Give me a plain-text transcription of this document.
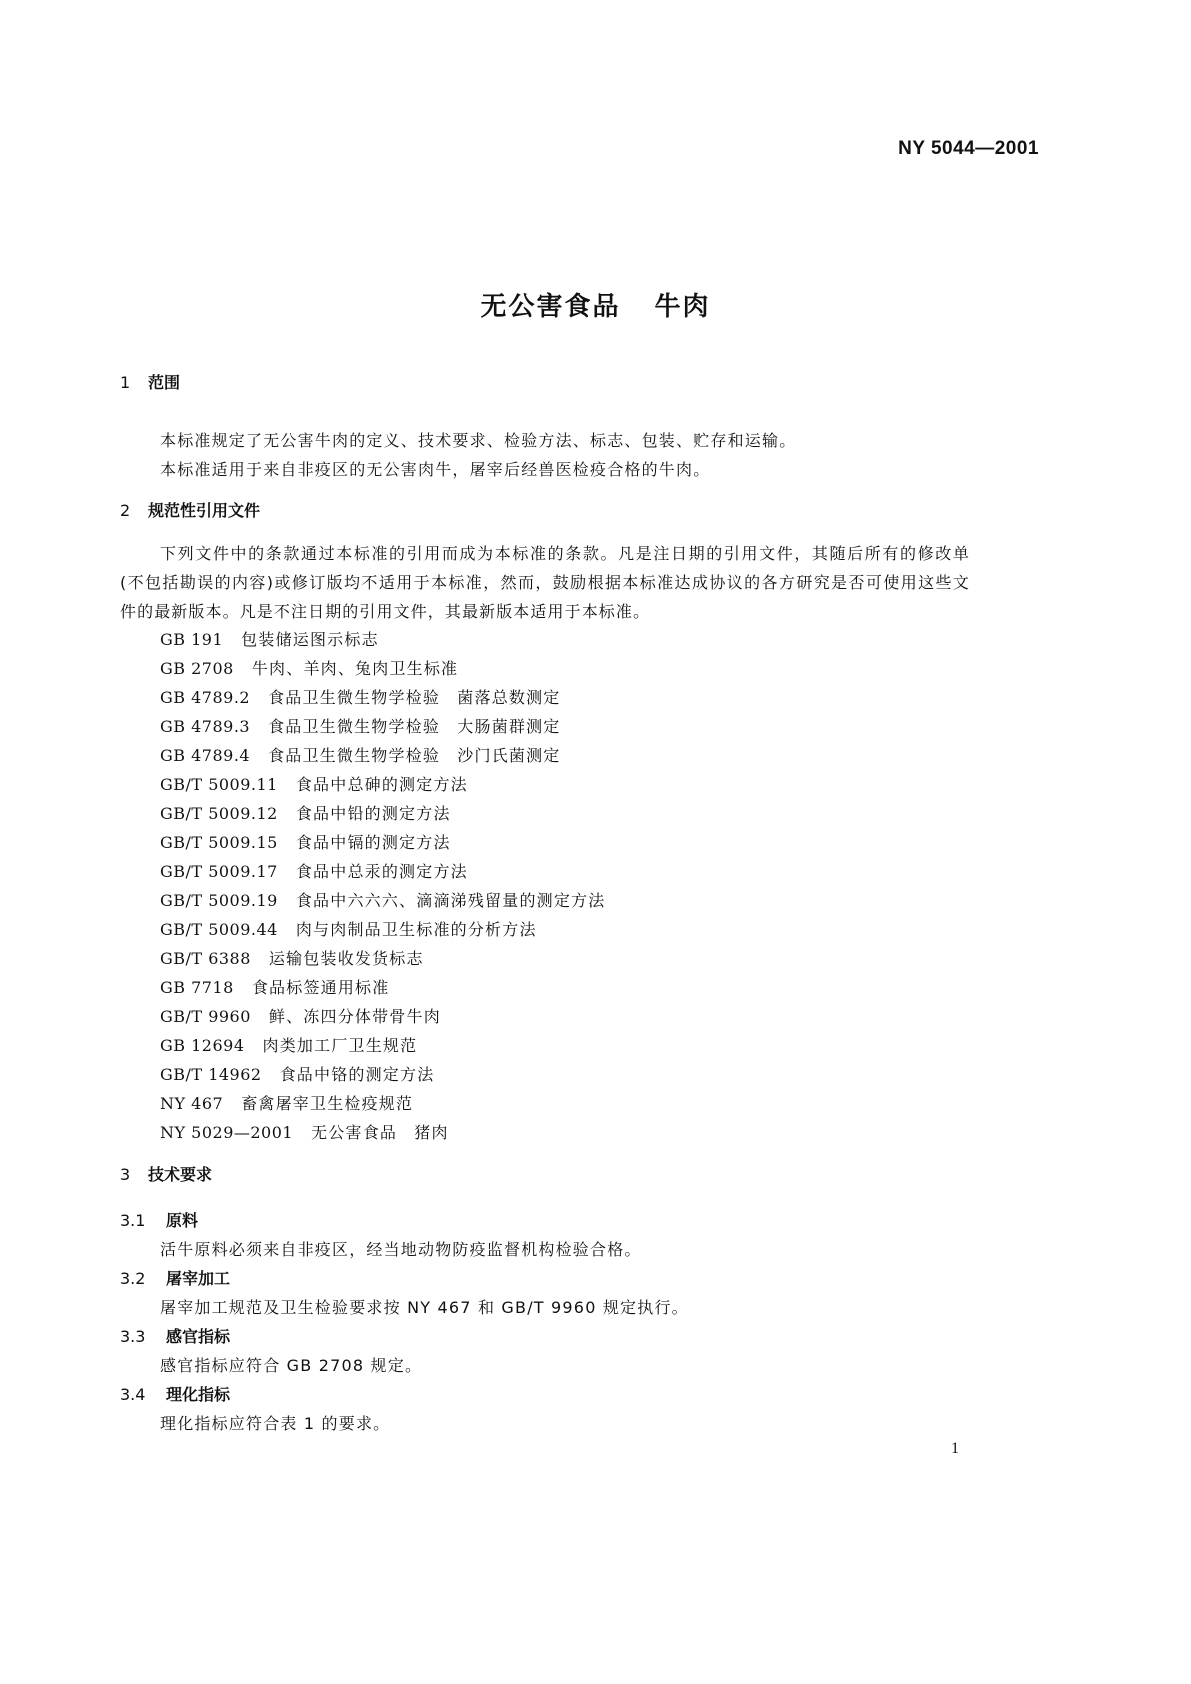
NY 5044—2001
无公害食品 牛肉
1 范围
本标准规定了无公害牛肉的定义、技术要求、检验方法、标志、包装、贮存和运输。
本标准适用于来自非疫区的无公害肉牛，屠宰后经兽医检疫合格的牛肉。
2 规范性引用文件
下列文件中的条款通过本标准的引用而成为本标准的条款。凡是注日期的引用文件，其随后所有的修改单(不包括勘误的内容)或修订版均不适用于本标准，然而，鼓励根据本标准达成协议的各方研究是否可使用这些文件的最新版本。凡是不注日期的引用文件，其最新版本适用于本标准。
GB 191 包装储运图示标志
GB 2708 牛肉、羊肉、兔肉卫生标准
GB 4789.2 食品卫生微生物学检验　菌落总数测定
GB 4789.3 食品卫生微生物学检验　大肠菌群测定
GB 4789.4 食品卫生微生物学检验　沙门氏菌测定
GB/T 5009.11 食品中总砷的测定方法
GB/T 5009.12 食品中铅的测定方法
GB/T 5009.15 食品中镉的测定方法
GB/T 5009.17 食品中总汞的测定方法
GB/T 5009.19 食品中六六六、滴滴涕残留量的测定方法
GB/T 5009.44 肉与肉制品卫生标准的分析方法
GB/T 6388 运输包装收发货标志
GB 7718 食品标签通用标准
GB/T 9960 鲜、冻四分体带骨牛肉
GB 12694 肉类加工厂卫生规范
GB/T 14962 食品中铬的测定方法
NY 467 畜禽屠宰卫生检疫规范
NY 5029—2001 无公害食品　猪肉
3 技术要求
3.1 原料
活牛原料必须来自非疫区，经当地动物防疫监督机构检验合格。
3.2 屠宰加工
屠宰加工规范及卫生检验要求按 NY 467 和 GB/T 9960 规定执行。
3.3 感官指标
感官指标应符合 GB 2708 规定。
3.4 理化指标
理化指标应符合表 1 的要求。
1
